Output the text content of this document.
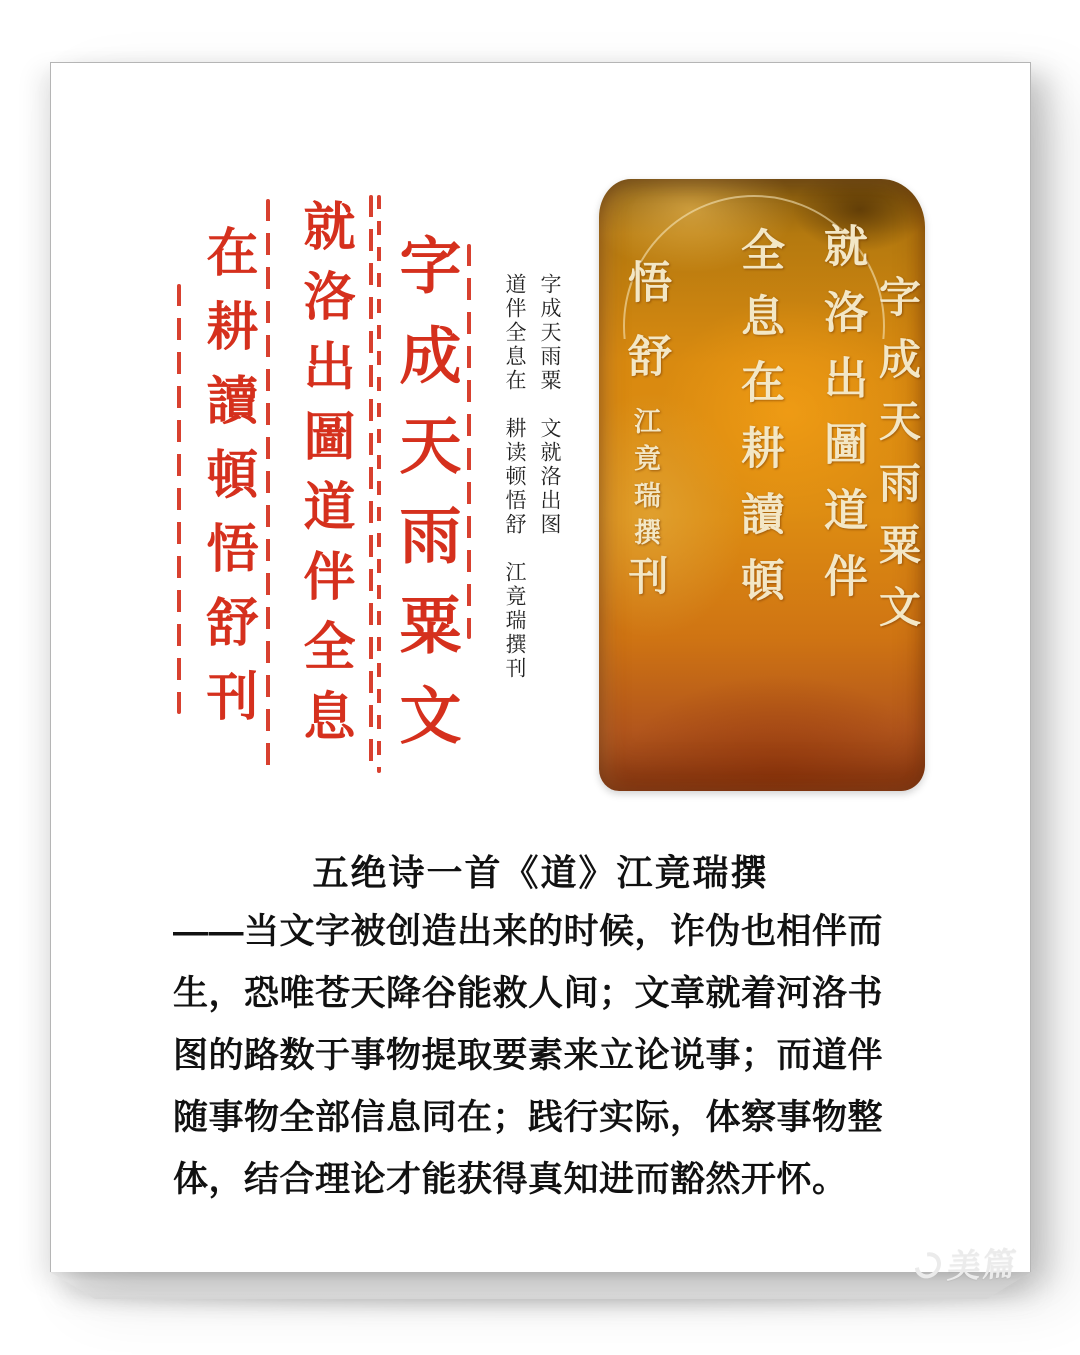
字成天雨粟文
就洛出圖道伴全息
在耕讀頓悟舒刊	字成天雨粟　文就洛出图
道伴全息在　耕读顿悟舒　江竟瑞撰刊	字成天雨粟文
就洛出圖道伴
全息在耕讀頓
悟舒江竟瑞撰刊
五绝诗一首《道》江竟瑞撰
——当文字被创造出来的时候，诈伪也相伴而
生，恐唯苍天降谷能救人间；文章就着河洛书
图的路数于事物提取要素来立论说事；而道伴
随事物全部信息同在；践行实际，体察事物整
体，结合理论才能获得真知进而豁然开怀。
美篇
